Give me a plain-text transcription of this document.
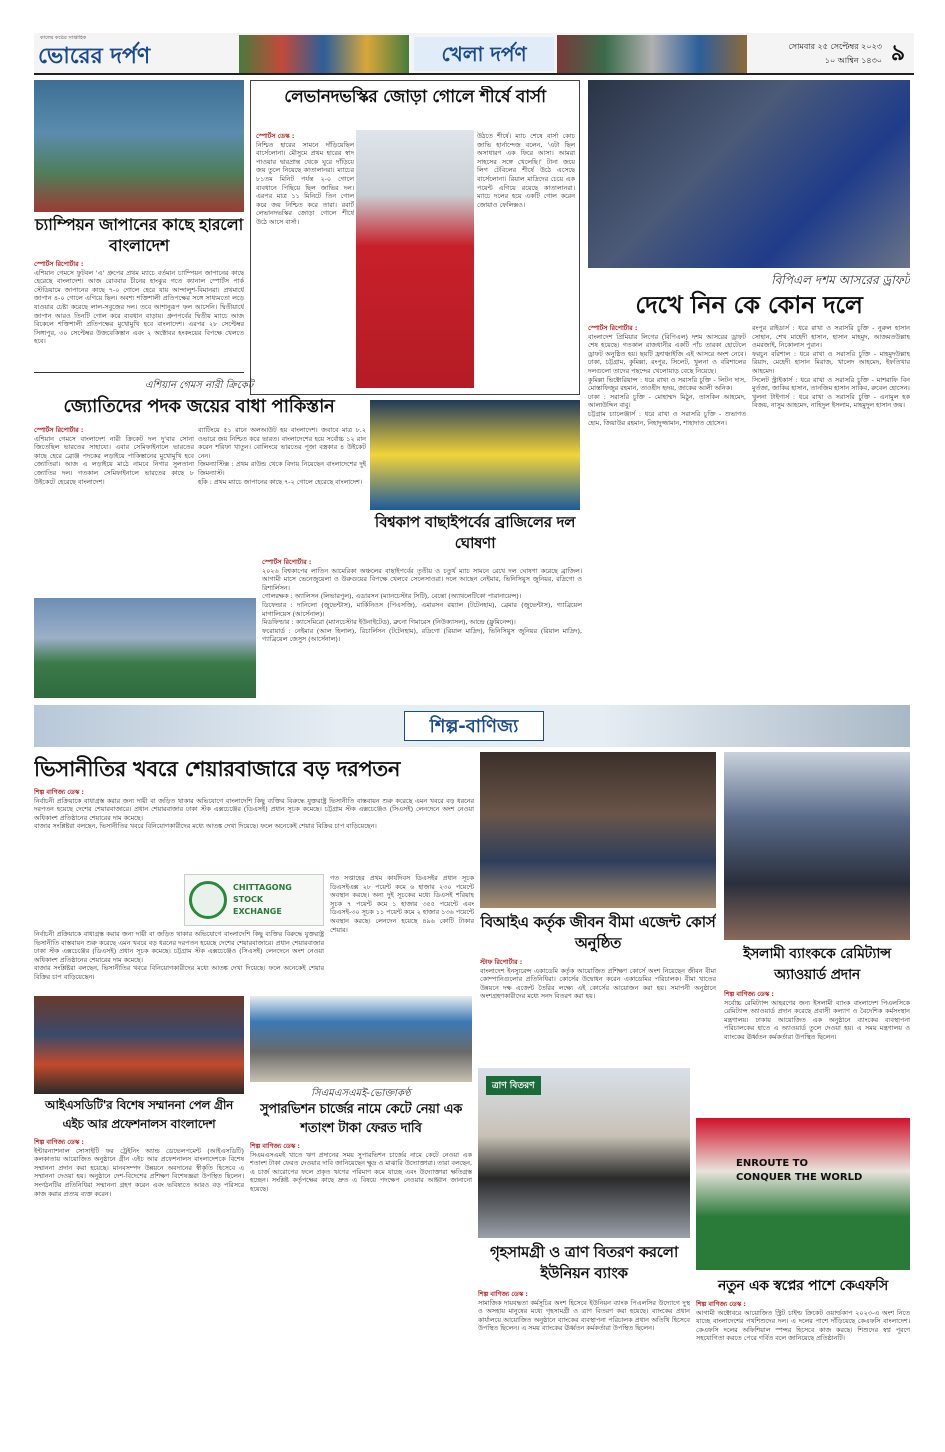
কালের কণ্ঠের সাপ্তাহিক
ভোরের দর্পণ	খেলা দর্পণ	সোমবার ২৫ সেপ্টেম্বর ২০২৩
১০ আশ্বিন ১৪৩০ ৯
চ্যাম্পিয়ন জাপানের কাছে হারলো বাংলাদেশ
স্পোর্টস রিপোর্টার :
এশিয়ান গেমসে ফুটবল 'এ' গ্রুপের প্রথম ম্যাচে বর্তমান চ্যাম্পিয়ন জাপানের কাছে হেরেছে বাংলাদেশ। আজ রোববার চীনের হাংঝুর গতে ক্যানাল স্পোর্টস পার্ক স্টেডিয়ামে জাপানের কাছে ৭-০ গোলে হেরে যায় আন্দালুশ-বিমানরা। প্রথমার্ধে জাপান ৪-০ গোলে এগিয়ে ছিল। অবশ্য শক্তিশালী প্রতিপক্ষের সঙ্গে সাধ্যমতো লড়ে যাওয়ার চেষ্টা করেছে লাল-সবুজের দল। তবে আশানুরূপ ফল আসেনি। দ্বিতীয়ার্ধে জাপান আরও তিনটি গোল করে ব্যবধান বাড়ায়। গ্রুপপর্বের দ্বিতীয় ম্যাচে আজ বিকেলে শক্তিশালী প্রতিপক্ষের মুখোমুখি হবে বাংলাদেশ। এরপর ২৮ সেপ্টেম্বর সিঙ্গাপুর, ৩০ সেপ্টেম্বর উজবেকিস্তান এবং ২ অক্টোবর হংকংয়ের বিপক্ষে খেলতে হবে।
লেভানদভস্কির জোড়া গোলে শীর্ষে বার্সা
স্পোর্টস ডেস্ক :
নিশ্চিত হারের সামনে দাঁড়িয়েছিল বার্সেলোনা। মৌসুমে প্রথম হারের স্বাদ পাওয়ার দ্বারপ্রান্ত থেকে ঘুরে দাঁড়িয়ে জয় তুলে নিয়েছে কাতালানরা। ম্যাচের ৮১তম মিনিট পর্যন্ত ২-০ গোলে ব্যবধানে পিছিয়ে ছিল জাভির দল। এরপর মাত্র ১১ মিনিটে তিন গোল করে জয় নিশ্চিত করে তারা। রবার্ট লেভানদভস্কির জোড়া গোলে শীর্ষে উঠে আসে বার্সা।
উঠতে শীর্ষে। ম্যাচ শেষে বার্সা কোচ জাভি হার্নান্দেজ বলেন, 'এটা ছিল অসাধারণ এক ফিরে আসা। আমরা সাহসের সঙ্গে খেলেছি।' টানা জয়ে লিগ টেবিলের শীর্ষে উঠে এসেছে বার্সেলোনা। রিয়াল মাদ্রিদের চেয়ে এক পয়েন্ট এগিয়ে রয়েছে কাতালানরা। ম্যাচে দলের হয়ে একটি গোল করেন জোয়াও ফেলিক্সও।
বিপিএল দশম আসরের ড্রাফট
দেখে নিন কে কোন দলে
স্পোর্টস রিপোর্টার :
বাংলাদেশ প্রিমিয়ার লিগের (বিপিএল) দশম আসরের ড্রাফট শেষ হয়েছে। গতকাল রাজধানীর একটি পাঁচ তারকা হোটেলে ড্রাফট অনুষ্ঠিত হয়। ছয়টি ফ্র্যাঞ্চাইজি এই আসরে অংশ নেবে। ঢাকা, চট্টগ্রাম, কুমিল্লা, রংপুর, সিলেট, খুলনা ও বরিশালের দলগুলো তাদের পছন্দের খেলোয়াড় বেছে নিয়েছে।
কুমিল্লা ভিক্টোরিয়ান্স : ধরে রাখা ও সরাসরি চুক্তি - লিটন দাস, মোস্তাফিজুর রহমান, তাওহীদ হৃদয়, জাকের আলী অনিক।
ঢাকা : সরাসরি চুক্তি - মোহাম্মদ মিঠুন, তাসকিন আহমেদ, আলাউদ্দিন বাবু।
চট্টগ্রাম চ্যালেঞ্জার্স : ধরে রাখা ও সরাসরি চুক্তি - শুভাগত হোম, জিয়াউর রহমান, নিহাদুজ্জামান, শাহাদাত হোসেন।
রংপুর রাইডার্স : ধরে রাখা ও সরাসরি চুক্তি - নুরুল হাসান সোহান, শেখ মাহেদী হাসান, হাসান মাহমুদ, আজমতউল্লাহ ওমরজাই, নিকোলাস পুরান।
ফরচুন বরিশাল : ধরে রাখা ও সরাসরি চুক্তি - মাহমুদউল্লাহ রিয়াদ, মেহেদী হাসান মিরাজ, খালেদ আহমেদ, ইফতিখার আহমেদ।
সিলেট স্ট্রাইকার্স : ধরে রাখা ও সরাসরি চুক্তি - মাশরাফি বিন মুর্তজা, জাকির হাসান, তানজিম হাসান সাকিব, রুবেল হোসেন।
খুলনা টাইগার্স : ধরে রাখা ও সরাসরি চুক্তি - এনামুল হক বিজয়, নাসুম আহমেদ, নাহিদুল ইসলাম, মাহমুদুল হাসান জয়।
এশিয়ান গেমস নারী ক্রিকেট
জ্যোতিদের পদক জয়ের বাধা পাকিস্তান
স্পোর্টস রিপোর্টার :
এশিয়ান গেমসে বাংলাদেশ নারী ক্রিকেট দল দু'বার সোনা জিতেছিল ভারতের সাহায্যে। এবার সেমিফাইনালে ভারতের কাছে হেরে ব্রোঞ্জ পদকের লড়াইয়ে পাকিস্তানের মুখোমুখি হবে জ্যোতিরা। আজ এ লড়াইয়ে মাঠে নামবে নিগার সুলতানা জ্যোতির দল। গতকাল সেমিফাইনালে ভারতের কাছে ৮ উইকেটে হেরেছে বাংলাদেশ।
ব্যাটিংয়ে ৫১ রানে অলআউট হয় বাংলাদেশ। জবাবে মাত্র ৮.২ ওভারে জয় নিশ্চিত করে ভারত। বাংলাদেশের হয়ে সর্বোচ্চ ১২ রান করেন শরিফা খাতুন। বোলিংয়ে ভারতের পূজা বস্ত্রকার ৪ উইকেট নেন।
জিমন্যাস্টিক্স : প্রথম রাউন্ড থেকে বিদায় নিয়েছেন বাংলাদেশের দুই জিমন্যাস্ট।
হকি : প্রথম ম্যাচে জাপানের কাছে ৭-২ গোলে হেরেছে বাংলাদেশ।
বিশ্বকাপ বাছাইপর্বের ব্রাজিলের দল ঘোষণা
স্পোর্টস রিপোর্টার :
২০২৬ বিশ্বকাপের লাতিন আমেরিকা অঞ্চলের বাছাইপর্বের তৃতীয় ও চতুর্থ ম্যাচ সামনে রেখে দল ঘোষণা করেছে ব্রাজিল। আগামী মাসে ভেনেজুয়েলা ও উরুগুয়ের বিপক্ষে খেলবে সেলেসাওরা। দলে আছেন নেইমার, ভিনিসিয়ুস জুনিয়র, রদ্রিগো ও রিশার্লিসন।
গোলরক্ষক : অ্যালিসন (লিভারপুল), এডারসন (ম্যানচেস্টার সিটি), বেন্তো (অ্যাথলেটিকো পারানায়েন্স)।
ডিফেন্ডার : দানিলো (জুভেন্টাস), মার্কিনিওস (পিএসজি), এমারসন রয়্যাল (টটেনহাম), ব্রেমার (জুভেন্টাস), গ্যাব্রিয়েল মাগালিয়েস (আর্সেনাল)।
মিডফিল্ডার : ক্যাসেমিরো (ম্যানচেস্টার ইউনাইটেড), ব্রুনো গিমারেস (নিউক্যাসল), আন্দ্রে (ফ্লুমিনেন্স)।
ফরোয়ার্ড : নেইমার (আল হিলাল), রিচার্লিসন (টটেনহাম), রদ্রিগো (রিয়াল মাদ্রিদ), ভিনিসিয়ুস জুনিয়র (রিয়াল মাদ্রিদ), গ্যাব্রিয়েল জেসুস (আর্সেনাল)।
শিল্প-বাণিজ্য
ভিসানীতির খবরে শেয়ারবাজারে বড় দরপতন
শিল্প বাণিজ্য ডেস্ক :
নির্বাচনী প্রক্রিয়াকে বাধাগ্রস্ত করার জন্য দায়ী বা জড়িত থাকার অভিযোগে বাংলাদেশি কিছু ব্যক্তির বিরুদ্ধে যুক্তরাষ্ট্র ভিসানীতি বাস্তবায়ন শুরু করেছে এমন খবরে বড় ধরনের দরপতন হয়েছে দেশের শেয়ারবাজারে। প্রধান শেয়ারবাজার ঢাকা স্টক এক্সচেঞ্জের (ডিএসই) প্রধান সূচক কমেছে। চট্টগ্রাম স্টক এক্সচেঞ্জেও (সিএসই) লেনদেনে অংশ নেওয়া অধিকাংশ প্রতিষ্ঠানের শেয়ারের দাম কমেছে।
বাজার সংশ্লিষ্টরা বলছেন, ভিসানীতির খবরে বিনিয়োগকারীদের মধ্যে আতঙ্ক দেখা দিয়েছে। ফলে অনেকেই শেয়ার বিক্রির চাপ বাড়িয়েছেন।
CHITTAGONG
STOCK
EXCHANGE
গত সপ্তাহের প্রথম কার্যদিবস ডিএসইর প্রধান সূচক ডিএসইএক্স ২৮ পয়েন্ট কমে ৬ হাজার ২৩০ পয়েন্টে অবস্থান করছে। অন্য দুই সূচকের মধ্যে ডিএসই শরিয়াহ সূচক ৭ পয়েন্ট কমে ১ হাজার ৩৫৫ পয়েন্টে এবং ডিএসই-৩০ সূচক ১১ পয়েন্ট কমে ২ হাজার ১৩৬ পয়েন্টে অবস্থান করছে। লেনদেন হয়েছে ৪৯৬ কোটি টাকার শেয়ার।
নির্বাচনী প্রক্রিয়াকে বাধাগ্রস্ত করার জন্য দায়ী বা জড়িত থাকার অভিযোগে বাংলাদেশি কিছু ব্যক্তির বিরুদ্ধে যুক্তরাষ্ট্র ভিসানীতি বাস্তবায়ন শুরু করেছে এমন খবরে বড় ধরনের দরপতন হয়েছে দেশের শেয়ারবাজারে। প্রধান শেয়ারবাজার ঢাকা স্টক এক্সচেঞ্জের (ডিএসই) প্রধান সূচক কমেছে। চট্টগ্রাম স্টক এক্সচেঞ্জেও (সিএসই) লেনদেনে অংশ নেওয়া অধিকাংশ প্রতিষ্ঠানের শেয়ারের দাম কমেছে।
বাজার সংশ্লিষ্টরা বলছেন, ভিসানীতির খবরে বিনিয়োগকারীদের মধ্যে আতঙ্ক দেখা দিয়েছে। ফলে অনেকেই শেয়ার বিক্রির চাপ বাড়িয়েছেন।
বিআইএ কর্তৃক জীবন বীমা এজেন্ট কোর্স অনুষ্ঠিত
স্টাফ রিপোর্টার :
বাংলাদেশ ইনস্যুরেন্স একাডেমি কর্তৃক আয়োজিত প্রশিক্ষণ কোর্সে অংশ নিয়েছেন জীবন বীমা কোম্পানিগুলোর প্রতিনিধিরা। কোর্সের উদ্বোধন করেন একাডেমির পরিচালক। বীমা খাতের উন্নয়নে দক্ষ এজেন্ট তৈরির লক্ষ্যে এই কোর্সের আয়োজন করা হয়। সমাপনী অনুষ্ঠানে অংশগ্রহণকারীদের মধ্যে সনদ বিতরণ করা হয়।
ইসলামী ব্যাংককে রেমিট্যান্স অ্যাওয়ার্ড প্রদান
শিল্প বাণিজ্য ডেস্ক :
সর্বোচ্চ রেমিট্যান্স আহরণের জন্য ইসলামী ব্যাংক বাংলাদেশ পিএলসিকে রেমিট্যান্স অ্যাওয়ার্ড প্রদান করেছে প্রবাসী কল্যাণ ও বৈদেশিক কর্মসংস্থান মন্ত্রণালয়। ঢাকায় আয়োজিত এক অনুষ্ঠানে ব্যাংকের ব্যবস্থাপনা পরিচালকের হাতে এ অ্যাওয়ার্ড তুলে দেওয়া হয়। এ সময় মন্ত্রণালয় ও ব্যাংকের ঊর্ধ্বতন কর্মকর্তারা উপস্থিত ছিলেন।
আইএসডিটি'র বিশেষ সম্মাননা পেল গ্রীন এইচ আর প্রফেশনালস বাংলাদেশ
শিল্প বাণিজ্য ডেস্ক :
ইন্টারন্যাশনাল সোসাইটি ফর ট্রেইনিং অ্যান্ড ডেভেলপমেন্ট (আইএসডিটি) কলকাতায় আয়োজিত অনুষ্ঠানে গ্রীন এইচ আর প্রফেশনালস বাংলাদেশকে বিশেষ সম্মাননা প্রদান করা হয়েছে। মানবসম্পদ উন্নয়নে অবদানের স্বীকৃতি হিসেবে এ সম্মাননা দেওয়া হয়। অনুষ্ঠানে দেশ-বিদেশের প্রশিক্ষণ বিশেষজ্ঞরা উপস্থিত ছিলেন। সংগঠনটির প্রতিনিধিরা সম্মাননা গ্রহণ করেন এবং ভবিষ্যতে আরও বড় পরিসরে কাজ করার প্রত্যয় ব্যক্ত করেন।
সিএমএসএমই-ভোক্তাকণ্ঠ
সুপারভিশন চার্জের নামে কেটে নেয়া এক শতাংশ টাকা ফেরত দাবি
শিল্প বাণিজ্য ডেস্ক :
সিএমএসএমই খাতে ঋণ প্রদানের সময় সুপারভিশন চার্জের নামে কেটে নেওয়া এক শতাংশ টাকা ফেরত দেওয়ার দাবি জানিয়েছেন ক্ষুদ্র ও মাঝারি উদ্যোক্তারা। তারা বলছেন, এ চার্জ আরোপের ফলে প্রকৃত ঋণের পরিমাণ কমে যাচ্ছে এবং উদ্যোক্তারা ক্ষতিগ্রস্ত হচ্ছেন। সংশ্লিষ্ট কর্তৃপক্ষের কাছে দ্রুত এ বিষয়ে পদক্ষেপ নেওয়ার আহ্বান জানানো হয়েছে।
ত্রাণ বিতরণ
গৃহসামগ্রী ও ত্রাণ বিতরণ করলো ইউনিয়ন ব্যাংক
শিল্প বাণিজ্য ডেস্ক :
সামাজিক দায়বদ্ধতা কর্মসূচির অংশ হিসেবে ইউনিয়ন ব্যাংক পিএলসির উদ্যোগে দুস্থ ও অসহায় মানুষের মধ্যে গৃহসামগ্রী ও ত্রাণ বিতরণ করা হয়েছে। ব্যাংকের প্রধান কার্যালয়ে আয়োজিত অনুষ্ঠানে ব্যাংকের ব্যবস্থাপনা পরিচালক প্রধান অতিথি হিসেবে উপস্থিত ছিলেন। এ সময় ব্যাংকের ঊর্ধ্বতন কর্মকর্তারা উপস্থিত ছিলেন।
ENROUTE TO
CONQUER THE WORLD
নতুন এক স্বপ্নের পাশে কেএফসি
শিল্প বাণিজ্য ডেস্ক :
আগামী অক্টোবরে আয়োজিত স্ট্রিট চাইল্ড ক্রিকেট ওয়ার্ল্ডকাপ ২০২৩-এ অংশ নিতে যাচ্ছে বাংলাদেশের পথশিশুদের দল। এ দলের পাশে দাঁড়িয়েছে কেএফসি বাংলাদেশ। কেএফসি দলের অফিশিয়াল স্পন্সর হিসেবে কাজ করছে। শিশুদের স্বপ্ন পূরণে সহযোগিতা করতে পেরে গর্বিত বলে জানিয়েছে প্রতিষ্ঠানটি।
